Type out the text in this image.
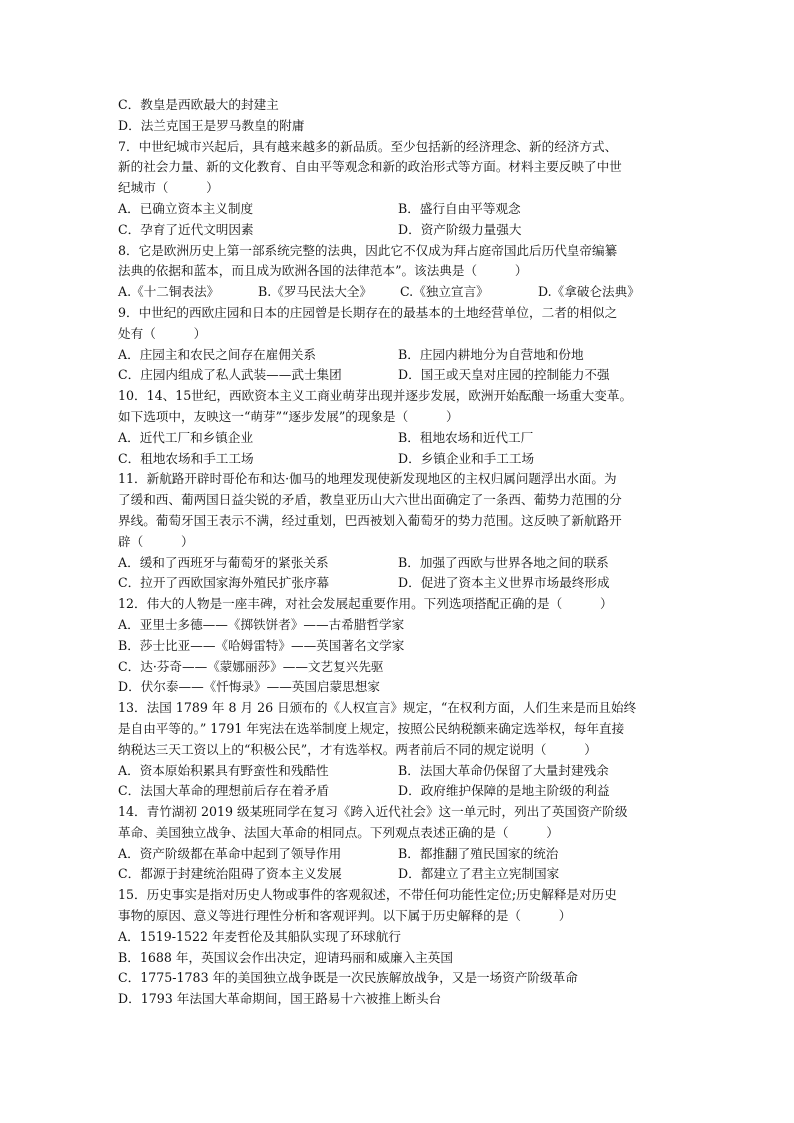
C．教皇是西欧最大的封建主
D．法兰克国王是罗马教皇的附庸
7．中世纪城市兴起后，具有越来越多的新品质。至少包括新的经济理念、新的经济方式、
新的社会力量、新的文化教育、自由平等观念和新的政治形式等方面。材料主要反映了中世
纪城市（　　　）
A．已确立资本主义制度	B．盛行自由平等观念
C．孕育了近代文明因素	D．资产阶级力量强大
8．它是欧洲历史上第一部系统完整的法典，因此它不仅成为拜占庭帝国此后历代皇帝编纂
法典的依据和蓝本，而且成为欧洲各国的法律范本”。该法典是（　　　）
A.《十二铜表法》	B.《罗马民法大全》	C.《独立宣言》	D.《拿破仑法典》
9．中世纪的西欧庄园和日本的庄园曾是长期存在的最基本的土地经营单位，二者的相似之
处有（　　　）
A．庄园主和农民之间存在雇佣关系	B．庄园内耕地分为自营地和份地
C．庄园内组成了私人武装——武士集团	D．国王或天皇对庄园的控制能力不强
10．14、15世纪，西欧资本主义工商业萌芽出现并逐步发展，欧洲开始酝酿一场重大变革。
如下选项中，友映这一“萌芽”“逐步发展”的现象是（　　　）
A．近代工厂和乡镇企业	B．租地农场和近代工厂
C．租地农场和手工工场	D．乡镇企业和手工工场
11．新航路开辟时哥伦布和达·伽马的地理发现使新发现地区的主权归属问题浮出水面。为
了缓和西、葡两国日益尖锐的矛盾，教皇亚历山大六世出面确定了一条西、葡势力范围的分
界线。葡萄牙国王表示不满，经过重划，巴西被划入葡萄牙的势力范围。这反映了新航路开
辟（　　　）
A．缓和了西班牙与葡萄牙的紧张关系	B．加强了西欧与世界各地之间的联系
C．拉开了西欧国家海外殖民扩张序幕	D．促进了资本主义世界市场最终形成
12．伟大的人物是一座丰碑，对社会发展起重要作用。下列选项搭配正确的是（　　　）
A．亚里士多德——《掷铁饼者》——古希腊哲学家
B．莎士比亚——《哈姆雷特》——英国著名文学家
C．达·芬奇——《蒙娜丽莎》——文艺复兴先驱
D．伏尔泰——《忏悔录》——英国启蒙思想家
13．法国 1789 年 8 月 26 日颁布的《人权宣言》规定，“在权利方面，人们生来是而且始终
是自由平等的。” 1791 年宪法在选举制度上规定，按照公民纳税额来确定选举权，每年直接
纳税达三天工资以上的“积极公民”，才有选举权。两者前后不同的规定说明（　　　）
A．资本原始积累具有野蛮性和残酷性	B．法国大革命仍保留了大量封建残余
C．法国大革命的理想前后存在着矛盾	D．政府维护保障的是地主阶级的利益
14．青竹湖初 2019 级某班同学在复习《跨入近代社会》这一单元时，列出了英国资产阶级
革命、美国独立战争、法国大革命的相同点。下列观点表述正确的是（　　　）
A．资产阶级都在革命中起到了领导作用	B．都推翻了殖民国家的统治
C．都源于封建统治阻碍了资本主义发展	D．都建立了君主立宪制国家
15．历史事实是指对历史人物或事件的客观叙述，不带任何功能性定位;历史解释是对历史
事物的原因、意义等进行理性分析和客观评判。以下属于历史解释的是（　　　）
A．1519-1522 年麦哲伦及其船队实现了环球航行
B．1688 年，英国议会作出决定，迎请玛丽和威廉入主英国
C．1775-1783 年的美国独立战争既是一次民族解放战争，又是一场资产阶级革命
D．1793 年法国大革命期间，国王路易十六被推上断头台
